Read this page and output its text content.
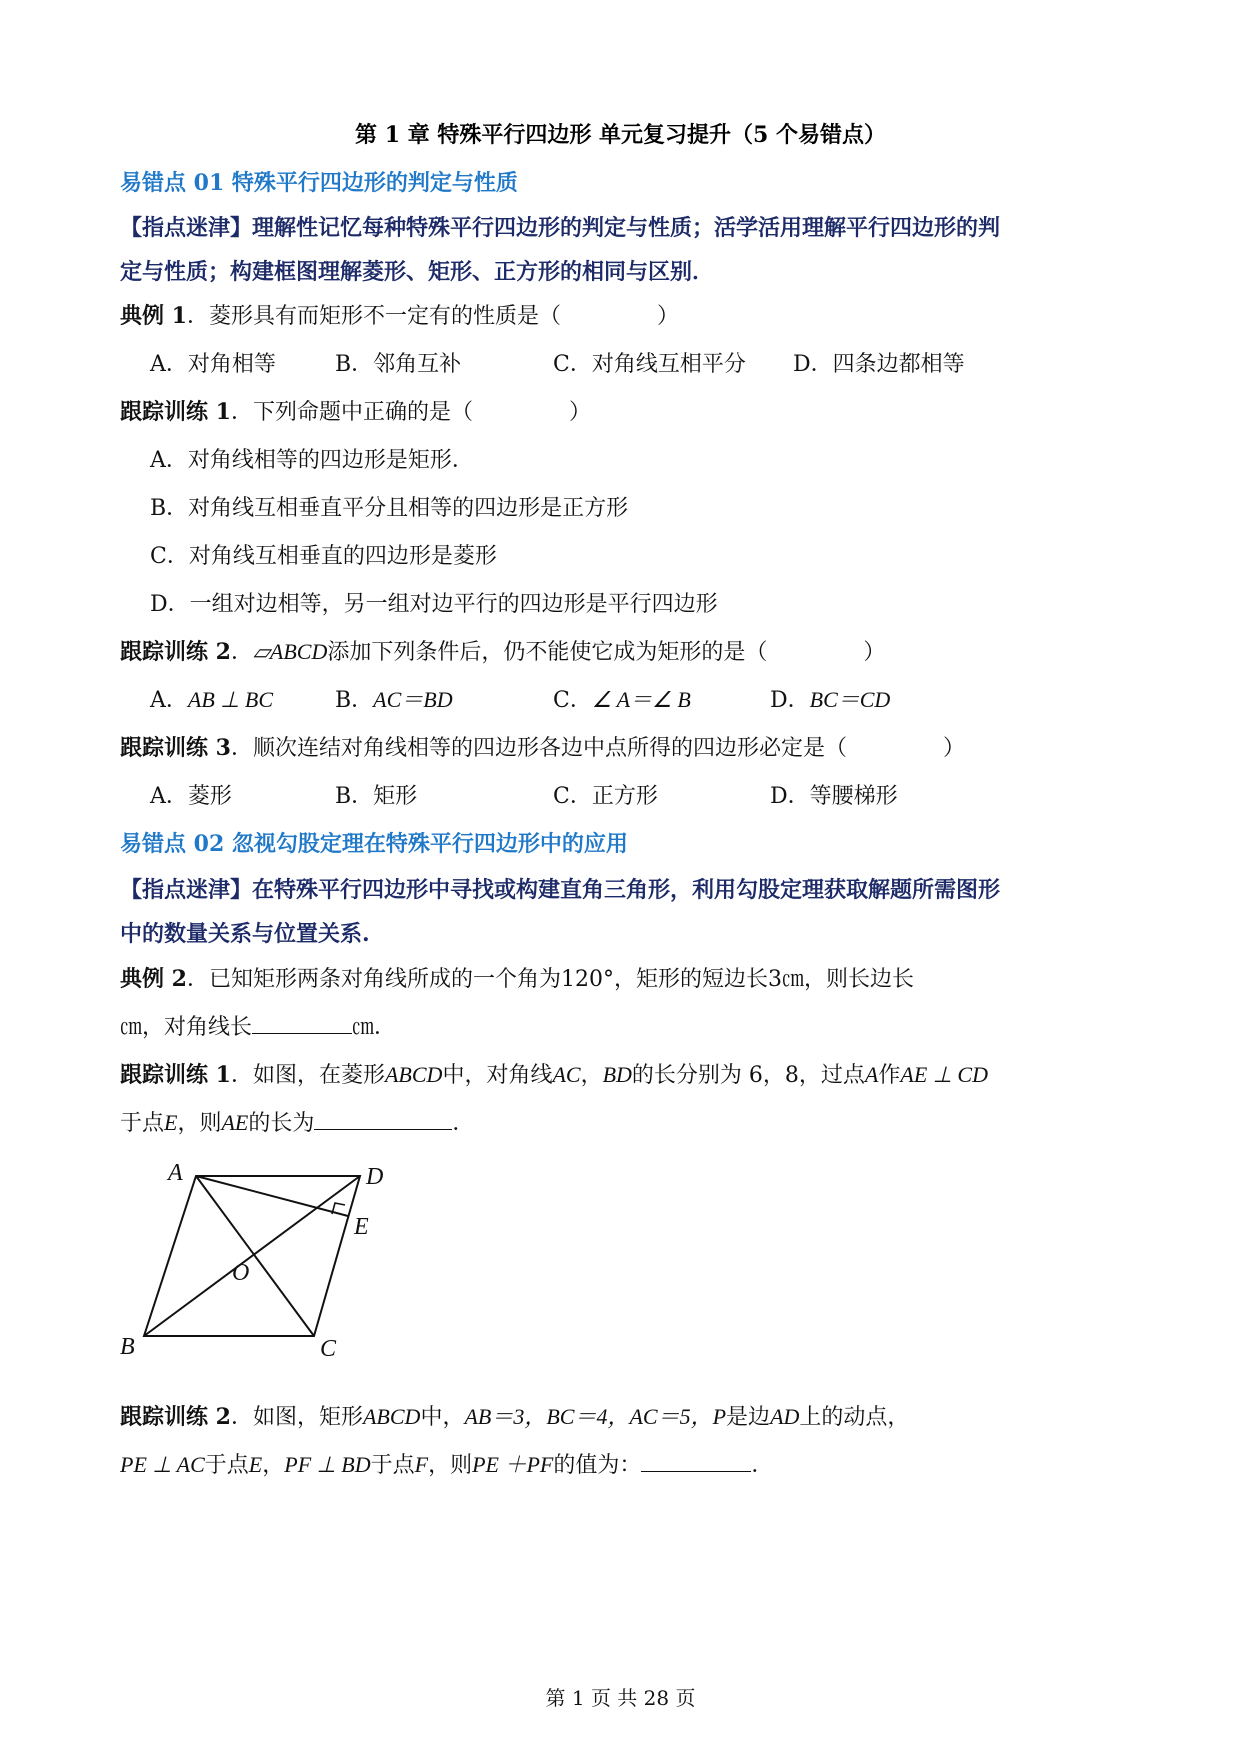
第 1 章 特殊平行四边形 单元复习提升（5 个易错点）
易错点 01 特殊平行四边形的判定与性质
【指点迷津】理解性记忆每种特殊平行四边形的判定与性质；活学活用理解平行四边形的判
定与性质；构建框图理解菱形、矩形、正方形的相同与区别．
典例 1．菱形具有而矩形不一定有的性质是（	）
A．对角相等	B．邻角互补	C．对角线互相平分 D．四条边都相等
跟踪训练 1．下列命题中正确的是（	）
A．对角线相等的四边形是矩形．
B．对角线互相垂直平分且相等的四边形是正方形
C．对角线互相垂直的四边形是菱形
D．一组对边相等，另一组对边平行的四边形是平行四边形
跟踪训练 2．▱ABCD添加下列条件后，仍不能使它成为矩形的是（	）
A．AB ⊥ BC	B．AC＝BD	C．∠ A＝∠ B	D．BC＝CD
跟踪训练 3．顺次连结对角线相等的四边形各边中点所得的四边形必定是（	）
A．菱形	B．矩形	C．正方形	D．等腰梯形
易错点 02 忽视勾股定理在特殊平行四边形中的应用
【指点迷津】在特殊平行四边形中寻找或构建直角三角形，利用勾股定理获取解题所需图形
中的数量关系与位置关系.
典例 2．已知矩形两条对角线所成的一个角为120°，矩形的短边长3㎝，则长边长
㎝，对角线长	㎝．
跟踪训练 1．如图，在菱形ABCD中，对角线AC，BD的长分别为 6，8，过点A作AE ⊥ CD
于点E，则AE的长为	．
A	D
E
O
B	C
跟踪训练 2．如图，矩形ABCD中，AB＝3，BC＝4，AC＝5，P是边AD上的动点，
PE ⊥ AC于点E，PF ⊥ BD于点F，则PE ＋PF的值为：	．
第 1 页 共 28 页
